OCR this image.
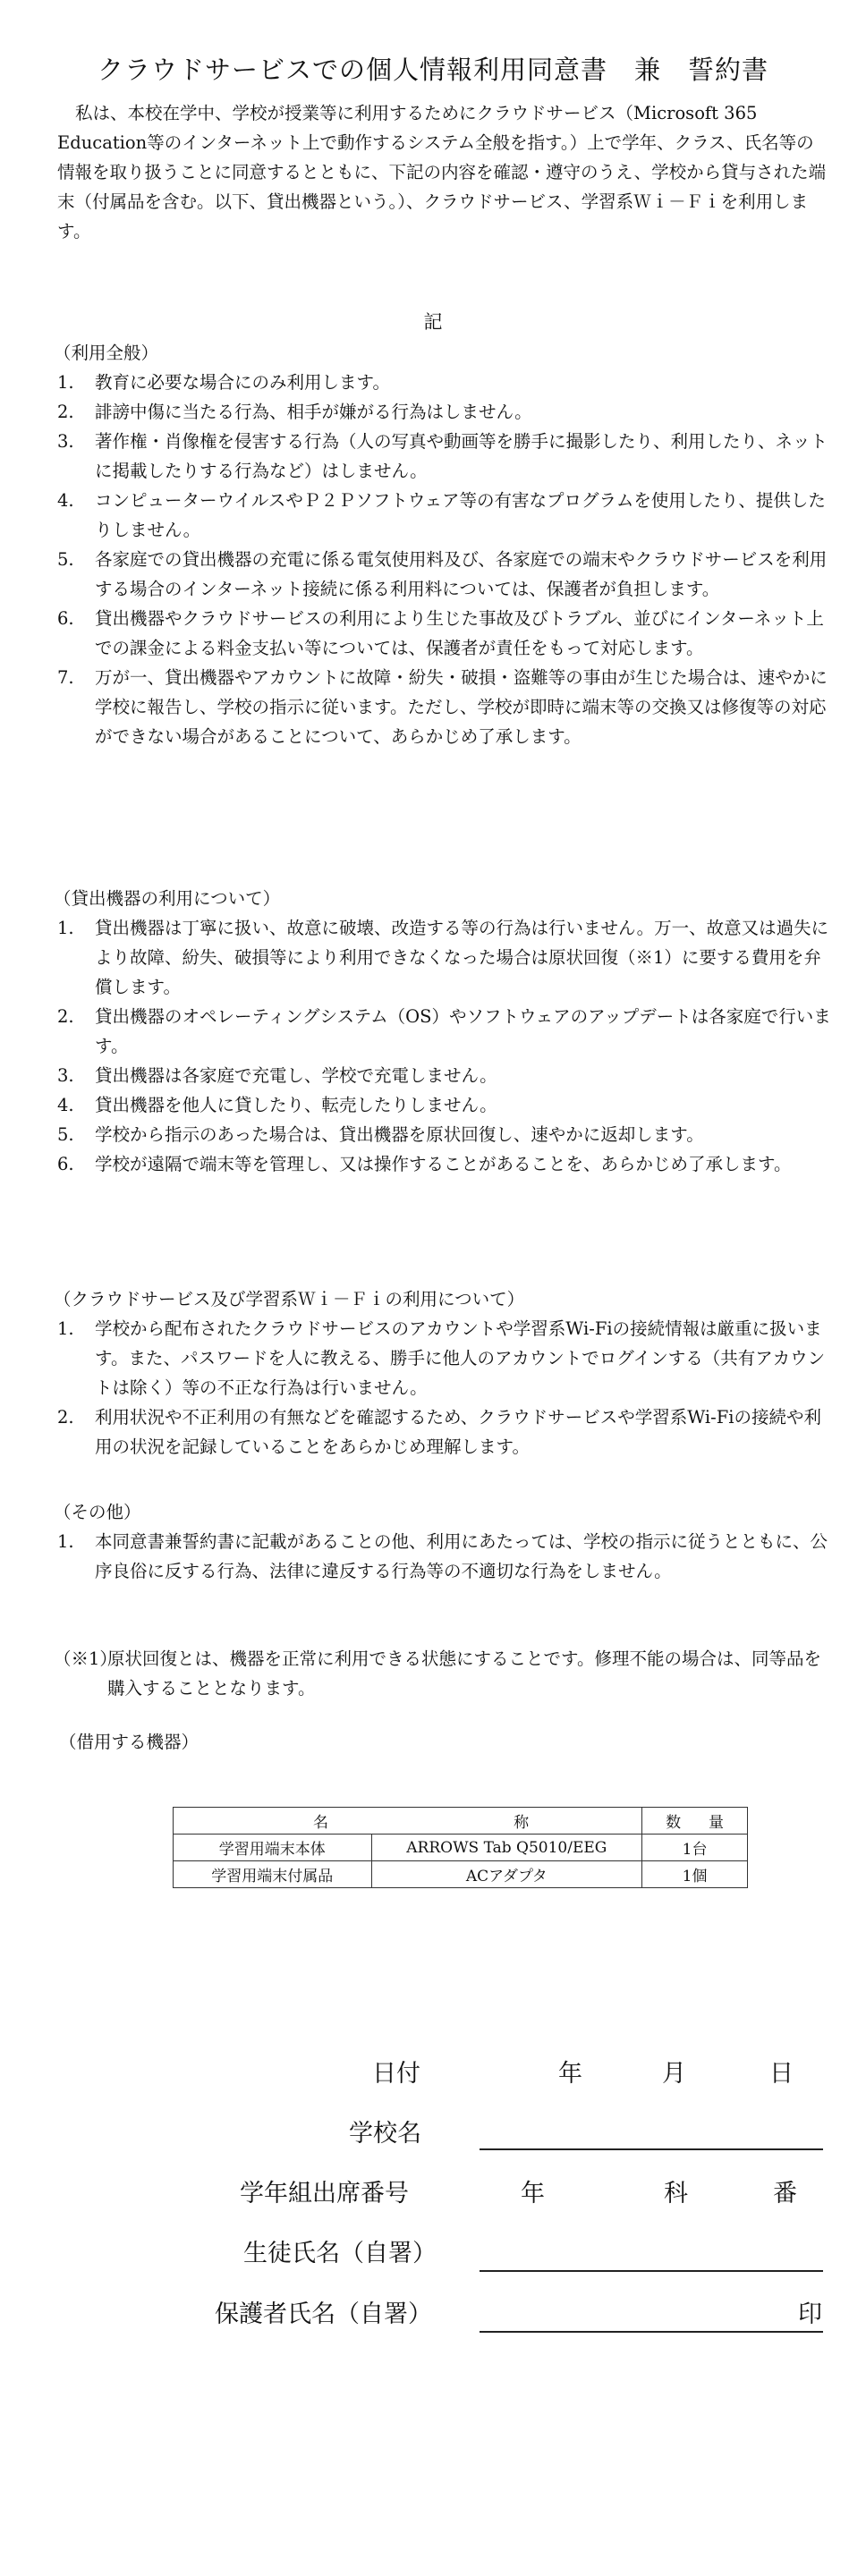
クラウドサービスでの個人情報利用同意書　兼　誓約書

私は、本校在学中、学校が授業等に利用するためにクラウドサービス（Microsoft 365 Education等のインターネット上で動作するシステム全般を指す。）上で学年、クラス、氏名等の情報を取り扱うことに同意するとともに、下記の内容を確認・遵守のうえ、学校から貸与された端末（付属品を含む。以下、貸出機器という。）、クラウドサービス、学習系Ｗｉ－Ｆｉを利用します。

記

（利用全般）

1. 教育に必要な場合にのみ利用します。
2. 誹謗中傷に当たる行為、相手が嫌がる行為はしません。
3. 著作権・肖像権を侵害する行為（人の写真や動画等を勝手に撮影したり、利用したり、ネットに掲載したりする行為など）はしません。
4. コンピューターウイルスやＰ２Ｐソフトウェア等の有害なプログラムを使用したり、提供したりしません。
5. 各家庭での貸出機器の充電に係る電気使用料及び、各家庭での端末やクラウドサービスを利用する場合のインターネット接続に係る利用料については、保護者が負担します。
6. 貸出機器やクラウドサービスの利用により生じた事故及びトラブル、並びにインターネット上での課金による料金支払い等については、保護者が責任をもって対応します。
7. 万が一、貸出機器やアカウントに故障・紛失・破損・盗難等の事由が生じた場合は、速やかに学校に報告し、学校の指示に従います。ただし、学校が即時に端末等の交換又は修復等の対応ができない場合があることについて、あらかじめ了承します。

（貸出機器の利用について）

1. 貸出機器は丁寧に扱い、故意に破壊、改造する等の行為は行いません。万一、故意又は過失により故障、紛失、破損等により利用できなくなった場合は原状回復（※1）に要する費用を弁償します。
2. 貸出機器のオペレーティングシステム（OS）やソフトウェアのアップデートは各家庭で行います。
3. 貸出機器は各家庭で充電し、学校で充電しません。
4. 貸出機器を他人に貸したり、転売したりしません。
5. 学校から指示のあった場合は、貸出機器を原状回復し、速やかに返却します。
6. 学校が遠隔で端末等を管理し、又は操作することがあることを、あらかじめ了承します。

（クラウドサービス及び学習系Ｗｉ－Ｆｉの利用について）

1. 学校から配布されたクラウドサービスのアカウントや学習系Wi-Fiの接続情報は厳重に扱います。また、パスワードを人に教える、勝手に他人のアカウントでログインする（共有アカウントは除く）等の不正な行為は行いません。
2. 利用状況や不正利用の有無などを確認するため、クラウドサービスや学習系Wi-Fiの接続や利用の状況を記録していることをあらかじめ理解します。

（その他）

1. 本同意書兼誓約書に記載があることの他、利用にあたっては、学校の指示に従うとともに、公序良俗に反する行為、法律に違反する行為等の不適切な行為をしません。
（※1）
原状回復とは、機器を正常に利用できる状態にすることです。修理不能の場合は、同等品を購入することとなります。
（借用する機器）
名 称		数 量

学習用端末本体	ARROWS Tab Q5010/EEG	1台
学習用端末付属品	ACアダプタ	1個
日付	年	月	日
学校名
学年組出席番号	年	科	番
生徒氏名（自署）
保護者氏名（自署）	印
